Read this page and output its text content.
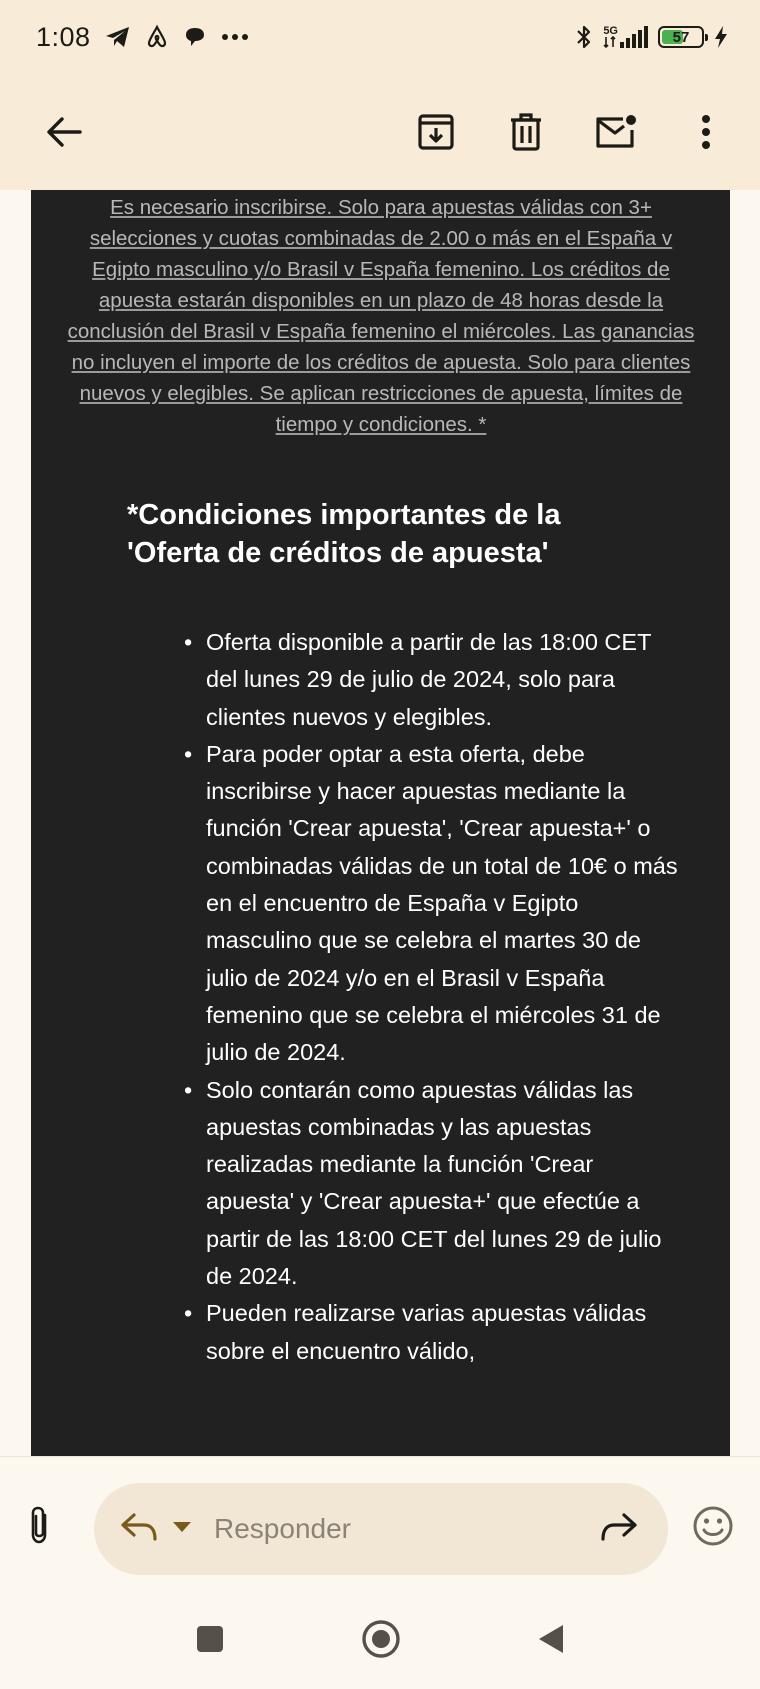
1:08	5G	57

Es necesario inscribirse. Solo para apuestas válidas con 3+ selecciones y cuotas combinadas de 2.00 o más en el España v Egipto masculino y/o Brasil v España femenino. Los créditos de apuesta estarán disponibles en un plazo de 48 horas desde la conclusión del Brasil v España femenino el miércoles. Las ganancias no incluyen el importe de los créditos de apuesta. Solo para clientes nuevos y elegibles. Se aplican restricciones de apuesta, límites de tiempo y condiciones. *

*Condiciones importantes de la 'Oferta de créditos de apuesta'
• Oferta disponible a partir de las 18:00 CET del lunes 29 de julio de 2024, solo para clientes nuevos y elegibles.
• Para poder optar a esta oferta, debe inscribirse y hacer apuestas mediante la función 'Crear apuesta', 'Crear apuesta+' o combinadas válidas de un total de 10€ o más en el encuentro de España v Egipto masculino que se celebra el martes 30 de julio de 2024 y/o en el Brasil v España femenino que se celebra el miércoles 31 de julio de 2024.
• Solo contarán como apuestas válidas las apuestas combinadas y las apuestas realizadas mediante la función 'Crear apuesta' y 'Crear apuesta+' que efectúe a partir de las 18:00 CET del lunes 29 de julio de 2024.
• Pueden realizarse varias apuestas válidas sobre el encuentro válido,
Responder
